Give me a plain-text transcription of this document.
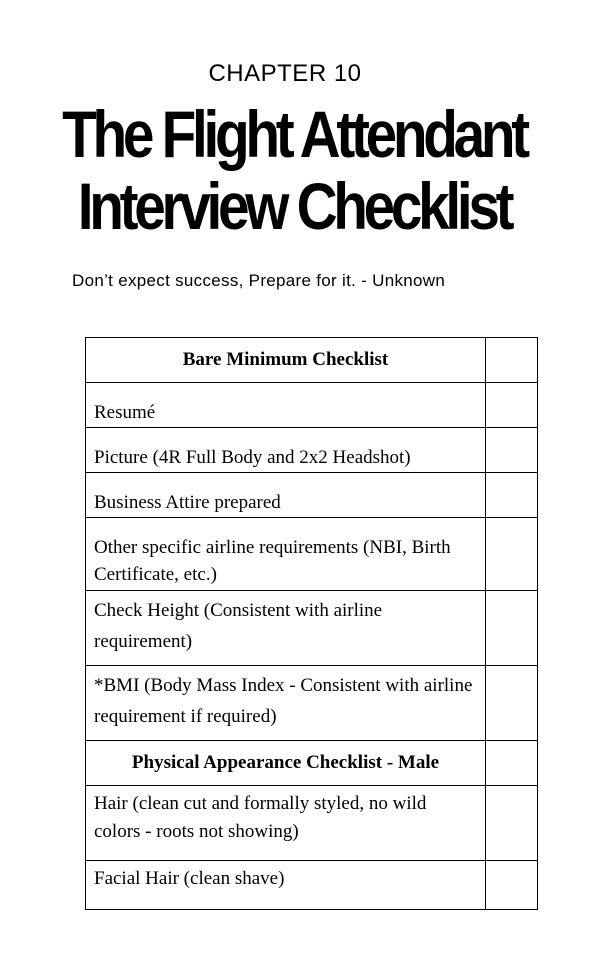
CHAPTER 10
The Flight Attendant
Interview Checklist
Don’t expect success, Prepare for it. - Unknown
Bare Minimum Checklist	
Resumé	
Picture (4R Full Body and 2x2 Headshot)	
Business Attire prepared	
Other specific airline requirements (NBI, Birth Certificate, etc.)	
Check Height (Consistent with airline requirement)	
*BMI (Body Mass Index - Consistent with airline requirement if required)	
Physical Appearance Checklist - Male	
Hair (clean cut and formally styled, no wild colors - roots not showing)	
Facial Hair (clean shave)	
